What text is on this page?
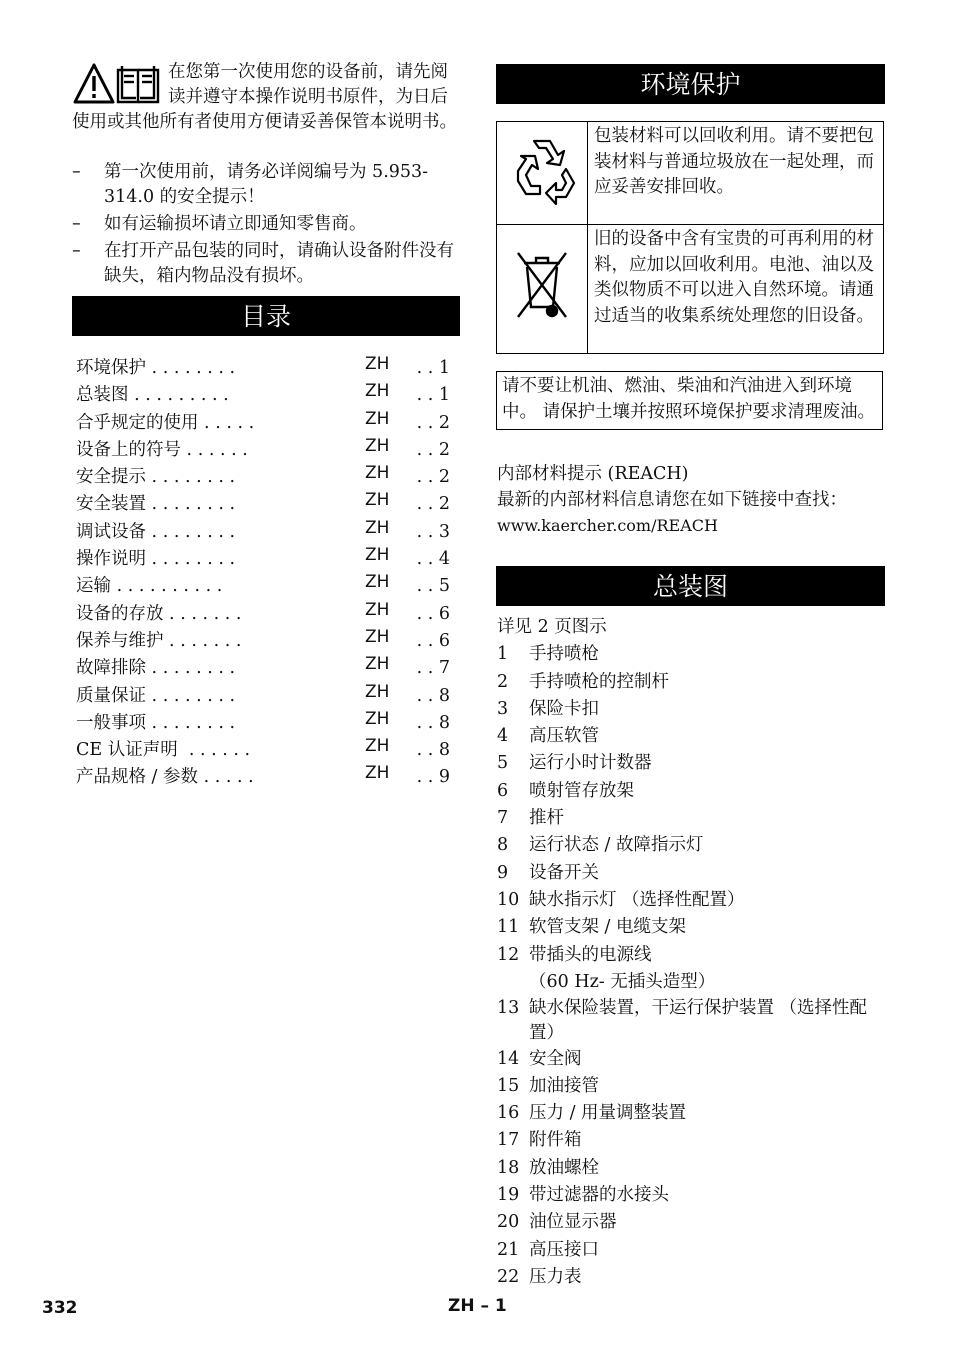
在您第一次使用您的设备前，请先阅读并遵守本操作说明书原件，为日后使用或其他所有者使用方便请妥善保管本说明书。
–	第一次使用前，请务必详阅编号为 5.953-314.0 的安全提示！
–	如有运输损坏请立即通知零售商。
–	在打开产品包装的同时，请确认设备附件没有缺失，箱内物品没有损坏。
目录
环境保护 . . . . . . . .	ZH . . 1
总装图 . . . . . . . . .	ZH . . 1
合乎规定的使用 . . . . .	ZH . . 2
设备上的符号 . . . . . .	ZH . . 2
安全提示 . . . . . . . .	ZH . . 2
安全装置 . . . . . . . .	ZH . . 2
调试设备 . . . . . . . .	ZH . . 3
操作说明 . . . . . . . .	ZH . . 4
运输 . . . . . . . . . .	ZH . . 5
设备的存放 . . . . . . .	ZH . . 6
保养与维护 . . . . . . .	ZH . . 6
故障排除 . . . . . . . .	ZH . . 7
质量保证 . . . . . . . .	ZH . . 8
一般事项 . . . . . . . .	ZH . . 8
CE 认证声明  . . . . . .	ZH . . 8
产品规格 / 参数 . . . . .	ZH . . 9
环境保护
	包装材料可以回收利用。请不要把包装材料与普通垃圾放在一起处理，而应妥善安排回收。
	旧的设备中含有宝贵的可再利用的材料，应加以回收利用。电池、油以及类似物质不可以进入自然环境。请通过适当的收集系统处理您的旧设备。
请不要让机油、燃油、柴油和汽油进入到环境中。 请保护土壤并按照环境保护要求清理废油。
内部材料提示 (REACH)
最新的内部材料信息请您在如下链接中查找：
www.kaercher.com/REACH
总装图
详见 2 页图示
1	手持喷枪
2	手持喷枪的控制杆
3	保险卡扣
4	高压软管
5	运行小时计数器
6	喷射管存放架
7	推杆
8	运行状态 / 故障指示灯
9	设备开关
10 缺水指示灯 （选择性配置）
11 软管支架 / 电缆支架
12 带插头的电源线
（60 Hz- 无插头造型）
13 缺水保险装置，干运行保护装置 （选择性配置）
14 安全阀
15 加油接管
16 压力 / 用量调整装置
17 附件箱
18 放油螺栓
19 带过滤器的水接头
20 油位显示器
21 高压接口
22 压力表
332	ZH – 1
